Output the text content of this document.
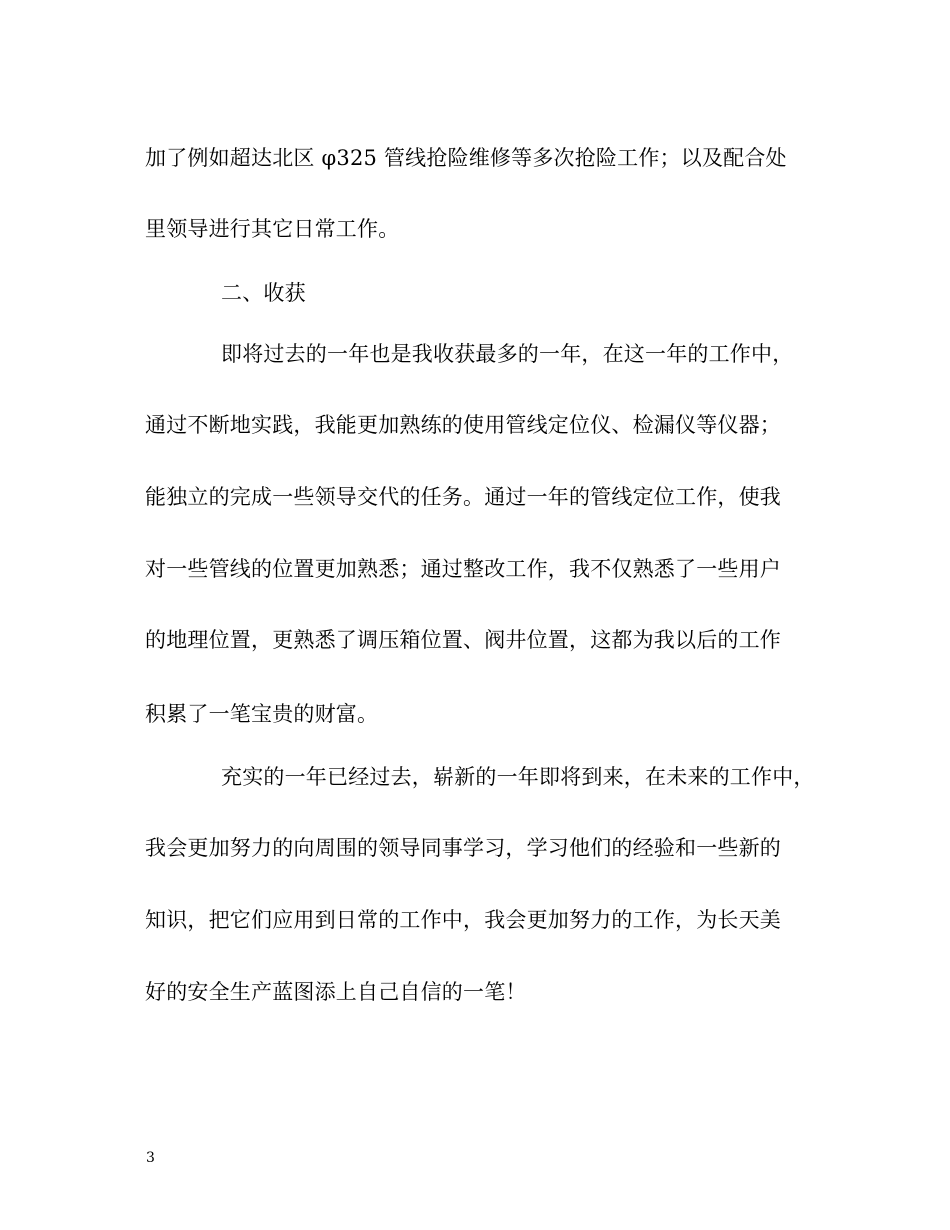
加了例如超达北区 φ325 管线抢险维修等多次抢险工作；以及配合处
里领导进行其它日常工作。
二、收获
即将过去的一年也是我收获最多的一年，在这一年的工作中，
通过不断地实践，我能更加熟练的使用管线定位仪、检漏仪等仪器；
能独立的完成一些领导交代的任务。通过一年的管线定位工作，使我
对一些管线的位置更加熟悉；通过整改工作，我不仅熟悉了一些用户
的地理位置，更熟悉了调压箱位置、阀井位置，这都为我以后的工作
积累了一笔宝贵的财富。
充实的一年已经过去，崭新的一年即将到来，在未来的工作中，
我会更加努力的向周围的领导同事学习，学习他们的经验和一些新的
知识，把它们应用到日常的工作中，我会更加努力的工作，为长天美
好的安全生产蓝图添上自己自信的一笔！
3
